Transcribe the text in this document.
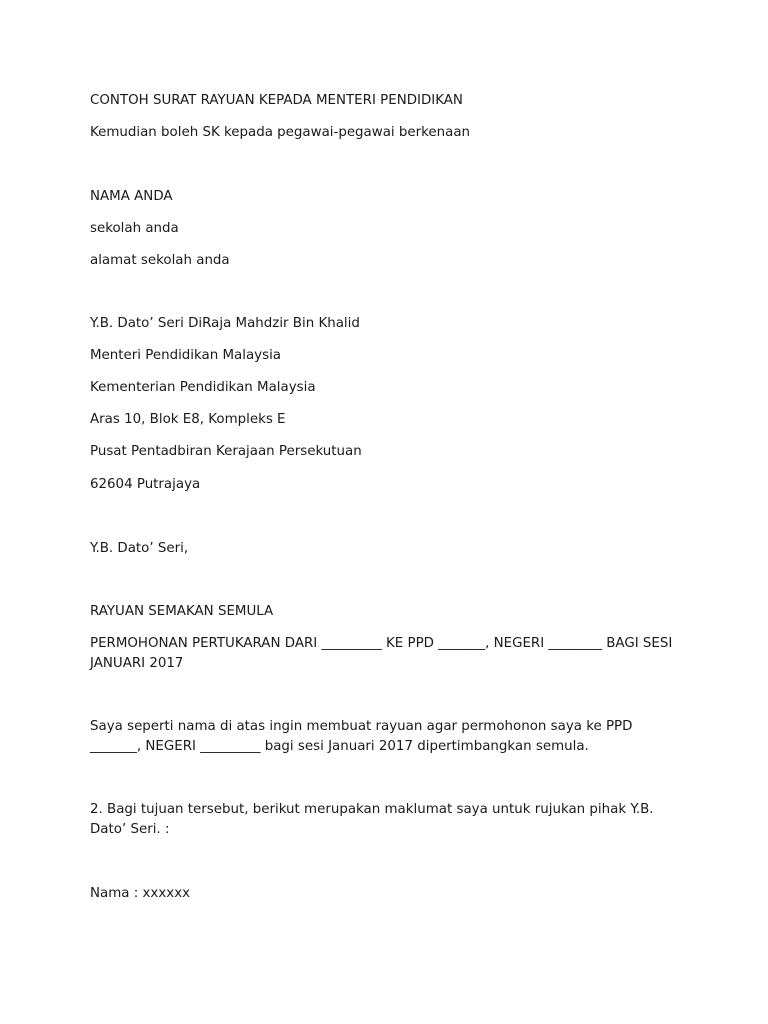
CONTOH SURAT RAYUAN KEPADA MENTERI PENDIDIKAN
Kemudian boleh SK kepada pegawai-pegawai berkenaan
NAMA ANDA
sekolah anda
alamat sekolah anda
Y.B. Dato’ Seri DiRaja Mahdzir Bin Khalid
Menteri Pendidikan Malaysia
Kementerian Pendidikan Malaysia
Aras 10, Blok E8, Kompleks E
Pusat Pentadbiran Kerajaan Persekutuan
62604 Putrajaya
Y.B. Dato’ Seri,
RAYUAN SEMAKAN SEMULA
PERMOHONAN PERTUKARAN DARI _________ KE PPD _______, NEGERI ________ BAGI SESI JANUARI 2017
Saya seperti nama di atas ingin membuat rayuan agar permohonon saya ke PPD _______, NEGERI _________ bagi sesi Januari 2017 dipertimbangkan semula.
2. Bagi tujuan tersebut, berikut merupakan maklumat saya untuk rujukan pihak Y.B. Dato’ Seri. :
Nama : xxxxxx
